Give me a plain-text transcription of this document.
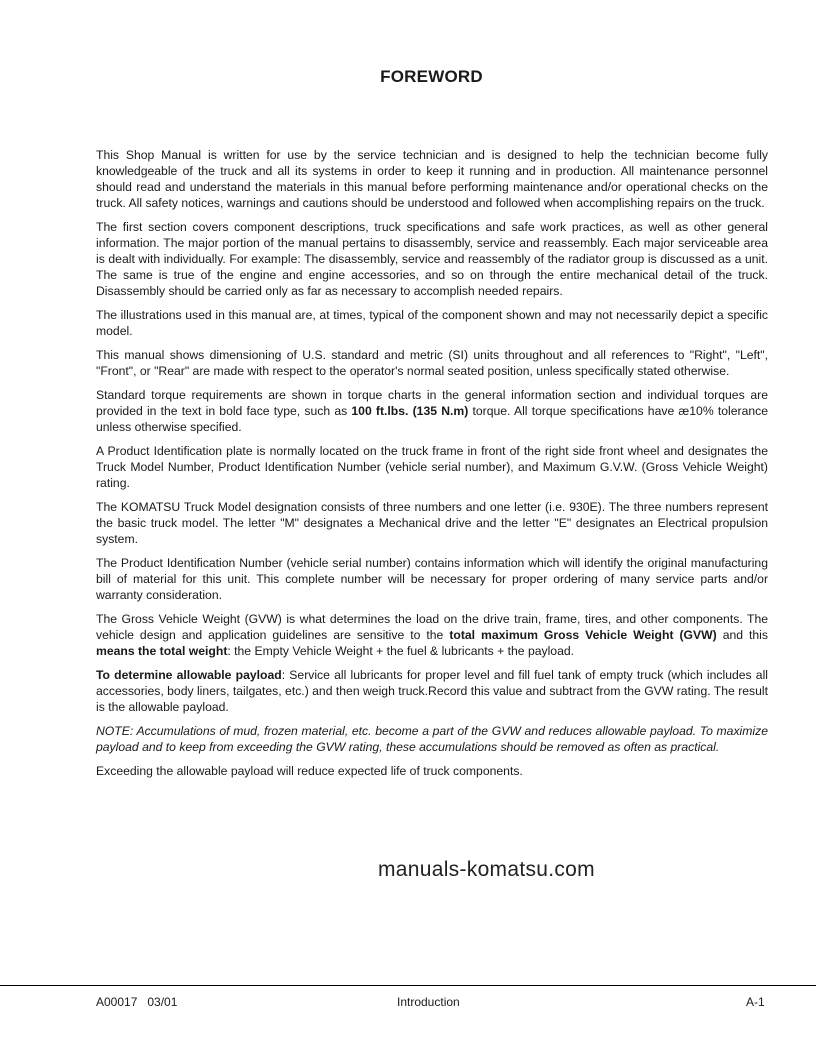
FOREWORD

This Shop Manual is written for use by the service technician and is designed to help the technician become fully knowledgeable of the truck and all its systems in order to keep it running and in production. All maintenance personnel should read and understand the materials in this manual before performing maintenance and/or operational checks on the truck. All safety notices, warnings and cautions should be understood and followed when accomplishing repairs on the truck.

The first section covers component descriptions, truck specifications and safe work practices, as well as other general information. The major portion of the manual pertains to disassembly, service and reassembly. Each major serviceable area is dealt with individually. For example: The disassembly, service and reassembly of the radiator group is discussed as a unit. The same is true of the engine and engine accessories, and so on through the entire mechanical detail of the truck. Disassembly should be carried only as far as necessary to accomplish needed repairs.

The illustrations used in this manual are, at times, typical of the component shown and may not necessarily depict a specific model.

This manual shows dimensioning of U.S. standard and metric (SI) units throughout and all references to "Right", "Left", "Front", or "Rear" are made with respect to the operator's normal seated position, unless specifically stated otherwise.

Standard torque requirements are shown in torque charts in the general information section and individual torques are provided in the text in bold face type, such as 100 ft.lbs. (135 N.m) torque. All torque specifications have æ10% tolerance unless otherwise specified.

A Product Identification plate is normally located on the truck frame in front of the right side front wheel and designates the Truck Model Number, Product Identification Number (vehicle serial number), and Maximum G.V.W. (Gross Vehicle Weight) rating.

The KOMATSU Truck Model designation consists of three numbers and one letter (i.e. 930E). The three numbers represent the basic truck model. The letter "M" designates a Mechanical drive and the letter "E" designates an Electrical propulsion system.

The Product Identification Number (vehicle serial number) contains information which will identify the original manufacturing bill of material for this unit. This complete number will be necessary for proper ordering of many service parts and/or warranty consideration.

The Gross Vehicle Weight (GVW) is what determines the load on the drive train, frame, tires, and other components. The vehicle design and application guidelines are sensitive to the total maximum Gross Vehicle Weight (GVW) and this means the total weight: the Empty Vehicle Weight + the fuel & lubricants + the payload.

To determine allowable payload: Service all lubricants for proper level and fill fuel tank of empty truck (which includes all accessories, body liners, tailgates, etc.) and then weigh truck.Record this value and subtract from the GVW rating. The result is the allowable payload.

NOTE: Accumulations of mud, frozen material, etc. become a part of the GVW and reduces allowable payload. To maximize payload and to keep from exceeding the GVW rating, these accumulations should be removed as often as practical.

Exceeding the allowable payload will reduce expected life of truck components.

manuals-komatsu.com
A00017   03/01	Introduction	A-1
